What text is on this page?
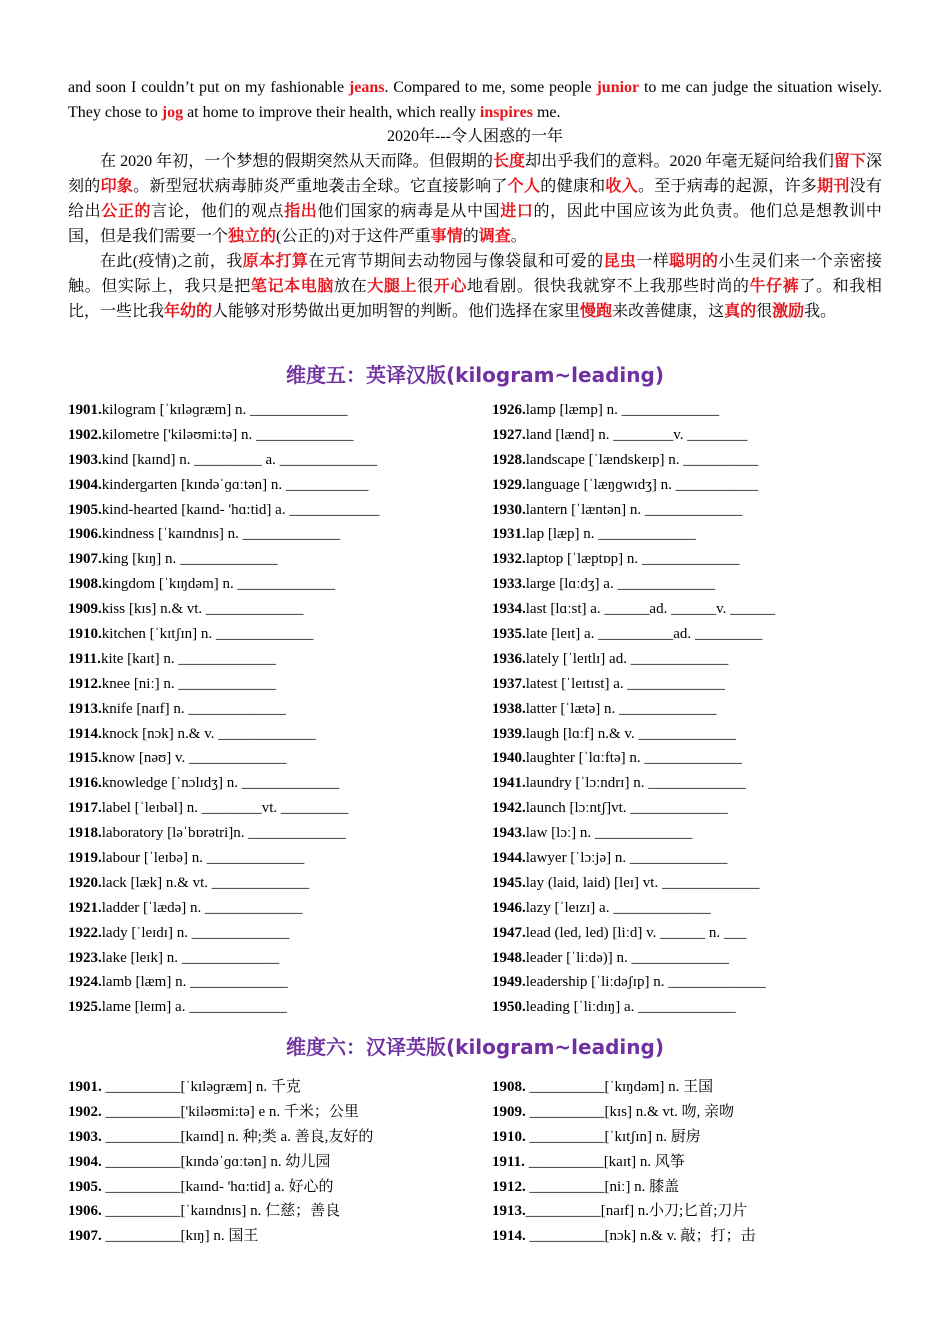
and soon I couldn’t put on my fashionable jeans. Compared to me, some people junior to me can judge the situation wisely. They chose to jog at home to improve their health, which really inspires me.
2020年---令人困惑的一年
在 2020 年初，一个梦想的假期突然从天而降。但假期的长度却出乎我们的意料。2020 年毫无疑问给我们留下深刻的印象。新型冠状病毒肺炎严重地袭击全球。它直接影响了个人的健康和收入。至于病毒的起源，许多期刊没有给出公正的言论，他们的观点指出他们国家的病毒是从中国进口的，因此中国应该为此负责。他们总是想教训中国，但是我们需要一个独立的(公正的)对于这件严重事情的调查。
在此(疫情)之前，我原本打算在元宵节期间去动物园与像袋鼠和可爱的昆虫一样聪明的小生灵们来一个亲密接触。但实际上，我只是把笔记本电脑放在大腿上很开心地看剧。很快我就穿不上我那些时尚的牛仔裤了。和我相比，一些比我年幼的人能够对形势做出更加明智的判断。他们选择在家里慢跑来改善健康，这真的很激励我。
维度五：英译汉版(kilogram~leading)
1901.kilogram [ˈkɪləɡræm] n. _____________
1902.kilometre ['kiləʊmi:tə] n. _____________
1903.kind [kaɪnd] n. _________ a. _____________
1904.kindergarten [kɪndəˈɡɑːtən] n. ___________
1905.kind-hearted [kaɪnd- 'hɑ:tid] a. ____________
1906.kindness [ˈkaɪndnɪs] n. _____________
1907.king [kɪŋ] n. _____________
1908.kingdom [ˈkɪŋdəm] n. _____________
1909.kiss [kɪs] n.& vt. _____________
1910.kitchen [ˈkɪtʃɪn] n. _____________
1911.kite [kaɪt] n. _____________
1912.knee [niː] n. _____________
1913.knife [naɪf] n. _____________
1914.knock [nɔk] n.& v. _____________
1915.know [nəʊ] v. _____________
1916.knowledge [ˈnɔlɪdʒ] n. _____________
1917.label [ˈleɪbəl] n. ________vt. _________
1918.laboratory [ləˈbɒrətri]n. _____________
1919.labour [ˈleɪbə] n. _____________
1920.lack [læk] n.& vt. _____________
1921.ladder [ˈlædə] n. _____________
1922.lady [ˈleɪdɪ] n. _____________
1923.lake [leɪk] n. _____________
1924.lamb [læm] n. _____________
1925.lame [leɪm] a. _____________
1926.lamp [læmp] n. _____________
1927.land [lænd] n. ________v. ________
1928.landscape [ˈlændskeɪp] n. __________
1929.language [ˈlæŋɡwɪdʒ] n. ___________
1930.lantern [ˈlæntən] n. _____________
1931.lap [læp] n. _____________
1932.laptop [ˈlæptɒp] n. _____________
1933.large [lɑːdʒ] a. _____________
1934.last [lɑːst] a. ______ad. ______v. ______
1935.late [leɪt] a. __________ad. _________
1936.lately [ˈleɪtlɪ] ad. _____________
1937.latest [ˈleɪtɪst] a. _____________
1938.latter [ˈlætə] n. _____________
1939.laugh [lɑːf] n.& v. _____________
1940.laughter [ˈlɑːftə] n. _____________
1941.laundry [ˈlɔːndrɪ] n. _____________
1942.launch [lɔːntʃ]vt. _____________
1943.law [lɔː] n. _____________
1944.lawyer [ˈlɔːjə] n. _____________
1945.lay (laid, laid) [leɪ] vt. _____________
1946.lazy [ˈleɪzɪ] a. _____________
1947.lead (led, led) [liːd] v. ______ n. ___
1948.leader [ˈliːdə)] n. _____________
1949.leadership [ˈliːdəʃɪp] n. _____________
1950.leading [ˈliːdɪŋ] a. _____________
维度六：汉译英版(kilogram~leading)
1901. __________[ˈkɪləɡræm] n. 千克
1902. __________['kiləʊmi:tə] e n. 千米；公里
1903. __________[kaɪnd] n. 种;类 a. 善良,友好的
1904. __________[kɪndəˈɡɑːtən] n. 幼儿园
1905. __________[kaɪnd- 'hɑ:tid] a. 好心的
1906. __________[ˈkaɪndnɪs] n. 仁慈；善良
1907. __________[kɪŋ] n. 国王
1908. __________[ˈkɪŋdəm] n. 王国
1909. __________[kɪs] n.& vt. 吻, 亲吻
1910. __________[ˈkɪtʃɪn] n. 厨房
1911. __________[kaɪt] n. 风筝
1912. __________[niː] n. 膝盖
1913.__________[naɪf] n.小刀;匕首;刀片
1914. __________[nɔk] n.& v. 敲；打；击
